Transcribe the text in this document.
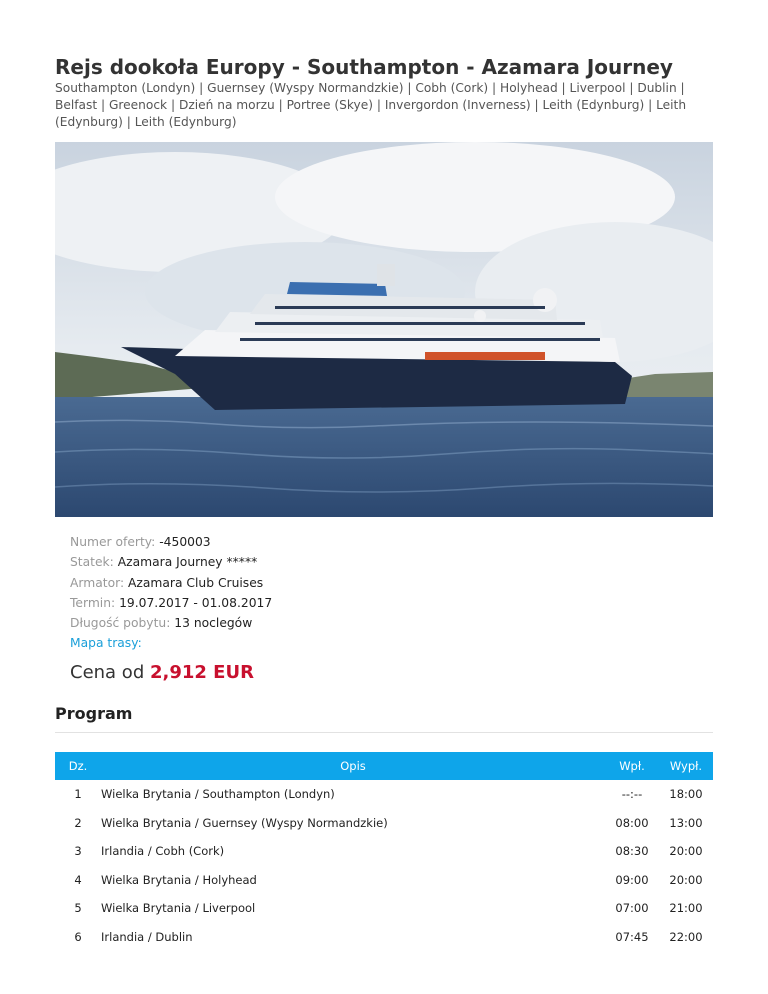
Rejs dookoła Europy - Southampton - Azamara Journey
Southampton (Londyn) | Guernsey (Wyspy Normandzkie) | Cobh (Cork) | Holyhead | Liverpool | Dublin | Belfast | Greenock | Dzień na morzu | Portree (Skye) | Invergordon (Inverness) | Leith (Edynburg) | Leith (Edynburg) | Leith (Edynburg)
Numer oferty: -450003
Statek: Azamara Journey *****
Armator: Azamara Club Cruises
Termin: 19.07.2017 - 01.08.2017
Długość pobytu: 13 noclegów
Mapa trasy:
Cena od 2,912 EUR
Program
Dz.	Opis	Wpł.	Wypł.
1	Wielka Brytania / Southampton (Londyn)	--:--	18:00
2	Wielka Brytania / Guernsey (Wyspy Normandzkie)	08:00	13:00
3	Irlandia / Cobh (Cork)	08:30	20:00
4	Wielka Brytania / Holyhead	09:00	20:00
5	Wielka Brytania / Liverpool	07:00	21:00
6	Irlandia / Dublin	07:45	22:00
